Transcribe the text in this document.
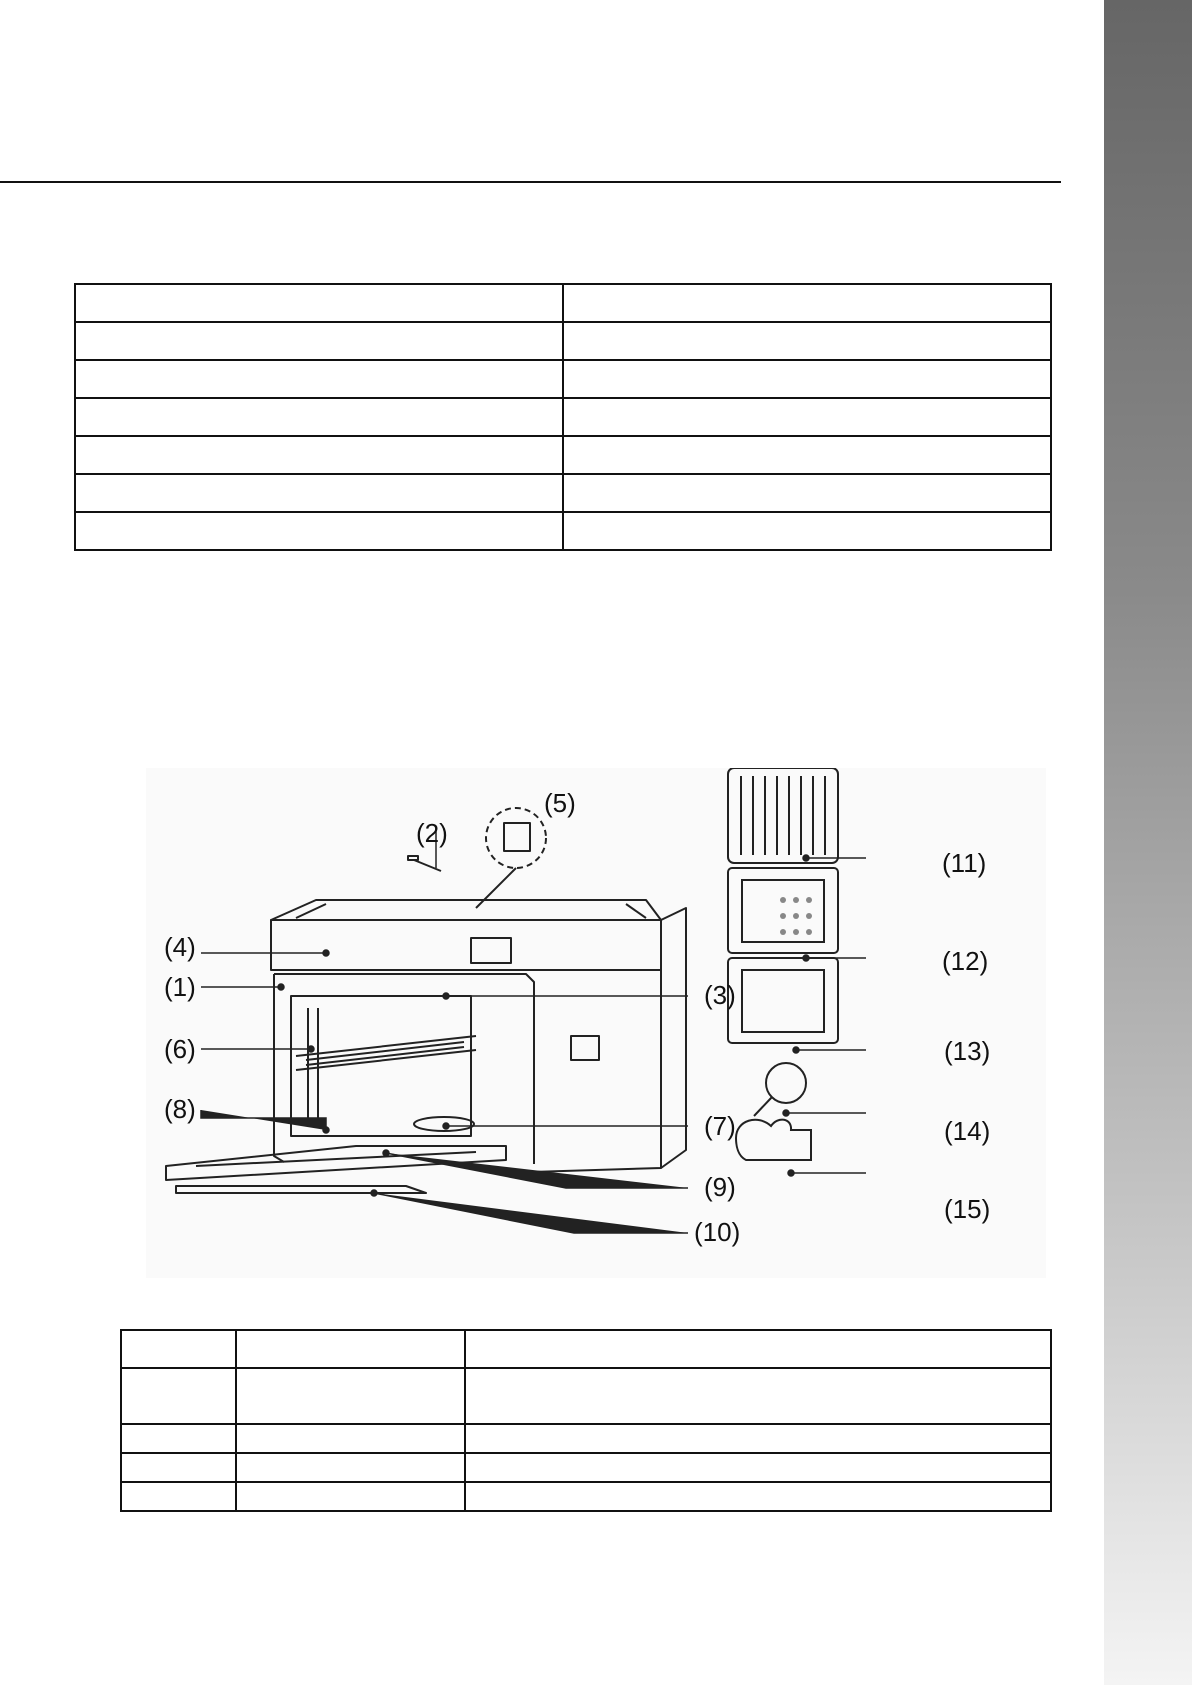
(4)
(1)
(6)
(8)
(2)
(5)
(3)
(7)
(9)
(10)
(11)
(12)
(13)
(14)
(15)
